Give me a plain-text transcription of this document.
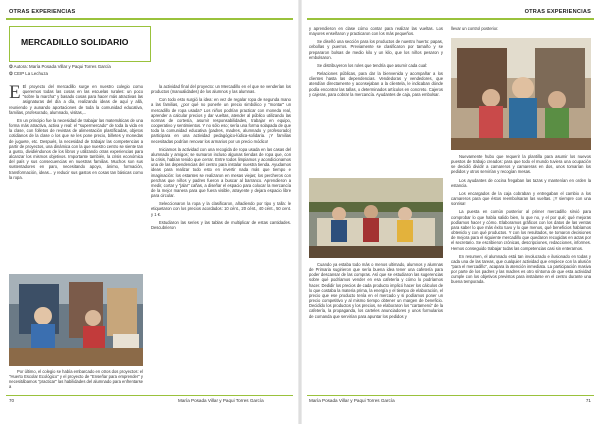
OTRAS EXPERIENCIAS
MERCADILLO SOLIDARIO
❂ Autora: María Posada Villar y Paqui Torres García
❂ CEIP La Lechuza

E El proyecto del mercadillo surge en nuestro colegio como queremos todas las cosas en las escuelas rurales: un poco "sobre la marcha" y basado cosas para hacer más atractivas las asignaturas del día a día, realizando ideas de aquí y allá, reuniendo y aunando aportaciones de toda la comunidad educativa, familias, profesorado, alumnado, visitas,...

En un principio fue la necesidad de trabajar las matemáticas de una forma más atractiva, activa y real: el "supermercado" de toda la vida en la clase, con folletos de revistas de alimentación plastificadas, objetos cotidianos de la clase o los que se les pone precio, billetes y monedas de juguete, etc. Después, la necesidad de trabajar las competencias a partir de proyectos, una dinámica con la que nuestro centro se siente tan a gusto, dividiéndonos de los libros y utilizando otras experiencias para alcanzar los mismos objetivos. Importante también, la crisis económica del país y sus consecuencias en nuestras familias. Muchos son sus sustentadores en paro, necesitando apoyo, ánimo, formación, transformación, ideas... y reducir sus gastos en cosas tan básicas como la ropa.

Por último, el colegio se había embarcado en otros dos proyectos: el "Huerto Escolar Ecológico" y el proyecto de "Enseñar para emprender" y necesitábamos "practicar" las habilidades del alumnado para enfrentarse a

la actividad final del proyecto: un Mercadillo en el que se venderían los productos (manualidades) de los alumnos y las alumnas.

Con todo esto surgió la idea: en vez de regalar ropa de segunda mano a las familias, ¿por qué no ponerle un precio simbólico y "montar" un mercadillo de ropa usada? Los niños podrían practicar con moneda real, aprender a calcular precios y dar vueltas, atender al público utilizando las normas de cortesía, asumir responsabilidades, trabajar en equipo, cooperativo y sentimientos. Y no sólo eso; sería una forma solapada de que toda la comunidad educativa (padres, madres, alumnado y profesorado) participara en una actividad pedagógico-lúdica-solidaria. ¡Y familias necesitadas podrían renovar los armarios por un precio módico!

Iniciamos la actividad con una recogida de ropa usada en las casas del alumnado y amigos; se sumaron incluso algunas tiendas de ropa que, con la crisis, habían tenido que cerrar. Entre todos limpiamos y acondicionamos una de las dependencias del centro para instalar nuestra tienda. Ayudamos ideas para realizar todo esto en invertir nada más que tiempo e imaginación: los estantes se realizaron en mesas viejas; los percheros con perchas que niños y padres fueron a buscar al barranco. Aprendieron a medir, cortar y "jalar" cañas, a diseñar el espacio para colocar la mercancía de la mejor manera para que fuera visible, atrayente y dejara espacio libre para circular.

Seleccionaron la ropa y la clasificaron, añadiendo por tipo y talla: le etiquetaron con los precios acordados: 10 cént., 20 cént., 40 cént., 50 cent. y 1 €.

Estudiaron las series y las tablas de multiplicar de estas cantidades. Descubrieron

70	María Posada Villar y Paqui Torres García
OTRAS EXPERIENCIAS

y aprendieron en clase cómo contar para realizar las vueltas. Los mayores enseñaron y practicaron con los más pequeños.

Se diseñó una sección para los productos de nuestro huerto: papas, cebollas y puerros. Previamente se clasificaron por tamaño y se prepararon bolsas de medio kilo y un kilo, que los niños pesaron y embolsaron.

Se distribuyeron los roles que tendría que asumir cada cual:

Relaciones públicas, para dar la bienvenida y acompañar a los clientes hasta las dependencias. Vendedoras y vendedores, que atendían directamente y aconsejaban a la clientela, le indicaban dónde podía encontrar las tallas, o determinados artículos en concreto. Cajeros y cajeras, para cobrar la mercancía. Ayudantes de caja, para embolsar.

Cuando ya estaba todo más o menos ultimado, alumnos y alumnas de Primaria sugirieron que sería buena idea tener una cafetería para poder descansar de las compras. Así que se estudiaron las sugerencias sobre qué podríamos vender en esa cafetería y cómo lo podríamos hacer. Dedidir los precios de cada producto implicó hacer los cálculos de lo que costaba la materia prima, la energía y el tiempo de elaboración, el precio que ese producto tenía en el mercado y si podíamos poner un precio competitivo y al mismo tiempo obtener un margen de beneficio. Decidido los productos y los precios, se elaboraron los "cartamenú" de la cafetería, la propaganda, los carteles anunciadores y unos formularios de comanda que servirían para apuntar los pedidos y

llevar un control posterior.

Nuevamente hubo que requerir la plantilla para asumir los nuevos puestos de trabajo creados: para que todo el mundo tuviera una ocupación se decidió dividir a camareros y camareras en dos, unos tomarían los pedidos y otros servirían y recogían mesas.

Los ayudantes de cocina fregaban las tazas y mantenían en orden la estancia.

Los encargados de la caja cobraban y entregaban el cambio a los camareros para que éstos reembolsaran las vueltas. ¡Y siempre con una sonrisa!

La puesta en común posterior al primer mercadillo sirvió para comprobar lo que había salido bien, lo que no, y el por qué; qué mejoras podíamos hacer y cómo. Elaboramos gráficos con los datos de las ventas para saber lo que más éxito tuvo y lo que menos, qué beneficios habíamos obtenido y con qué productos. Y con los resultados, se tomaron decisiones de mejora para el siguiente mercadillo que quedaron recogidas en actas por el secretario. Se escribieron crónicas, descripciones, redacciones, informes. Hemos conseguido trabajar todas las competencias casi sin enterarnos.

En resumen, el alumnado está tan involucrado e ilusionado en todas y cada una de las tareas, que cualquier actividad que empiece con la alusión "para el mercadillo", acapara la atención inmediata. La participación masiva por parte de los padres y las madres es otro síntoma de que esta actividad cumple con los objetivos previstos para instalarse en el centro durante una buena temporada.

María Posada Villar y Paqui Torres García	71
